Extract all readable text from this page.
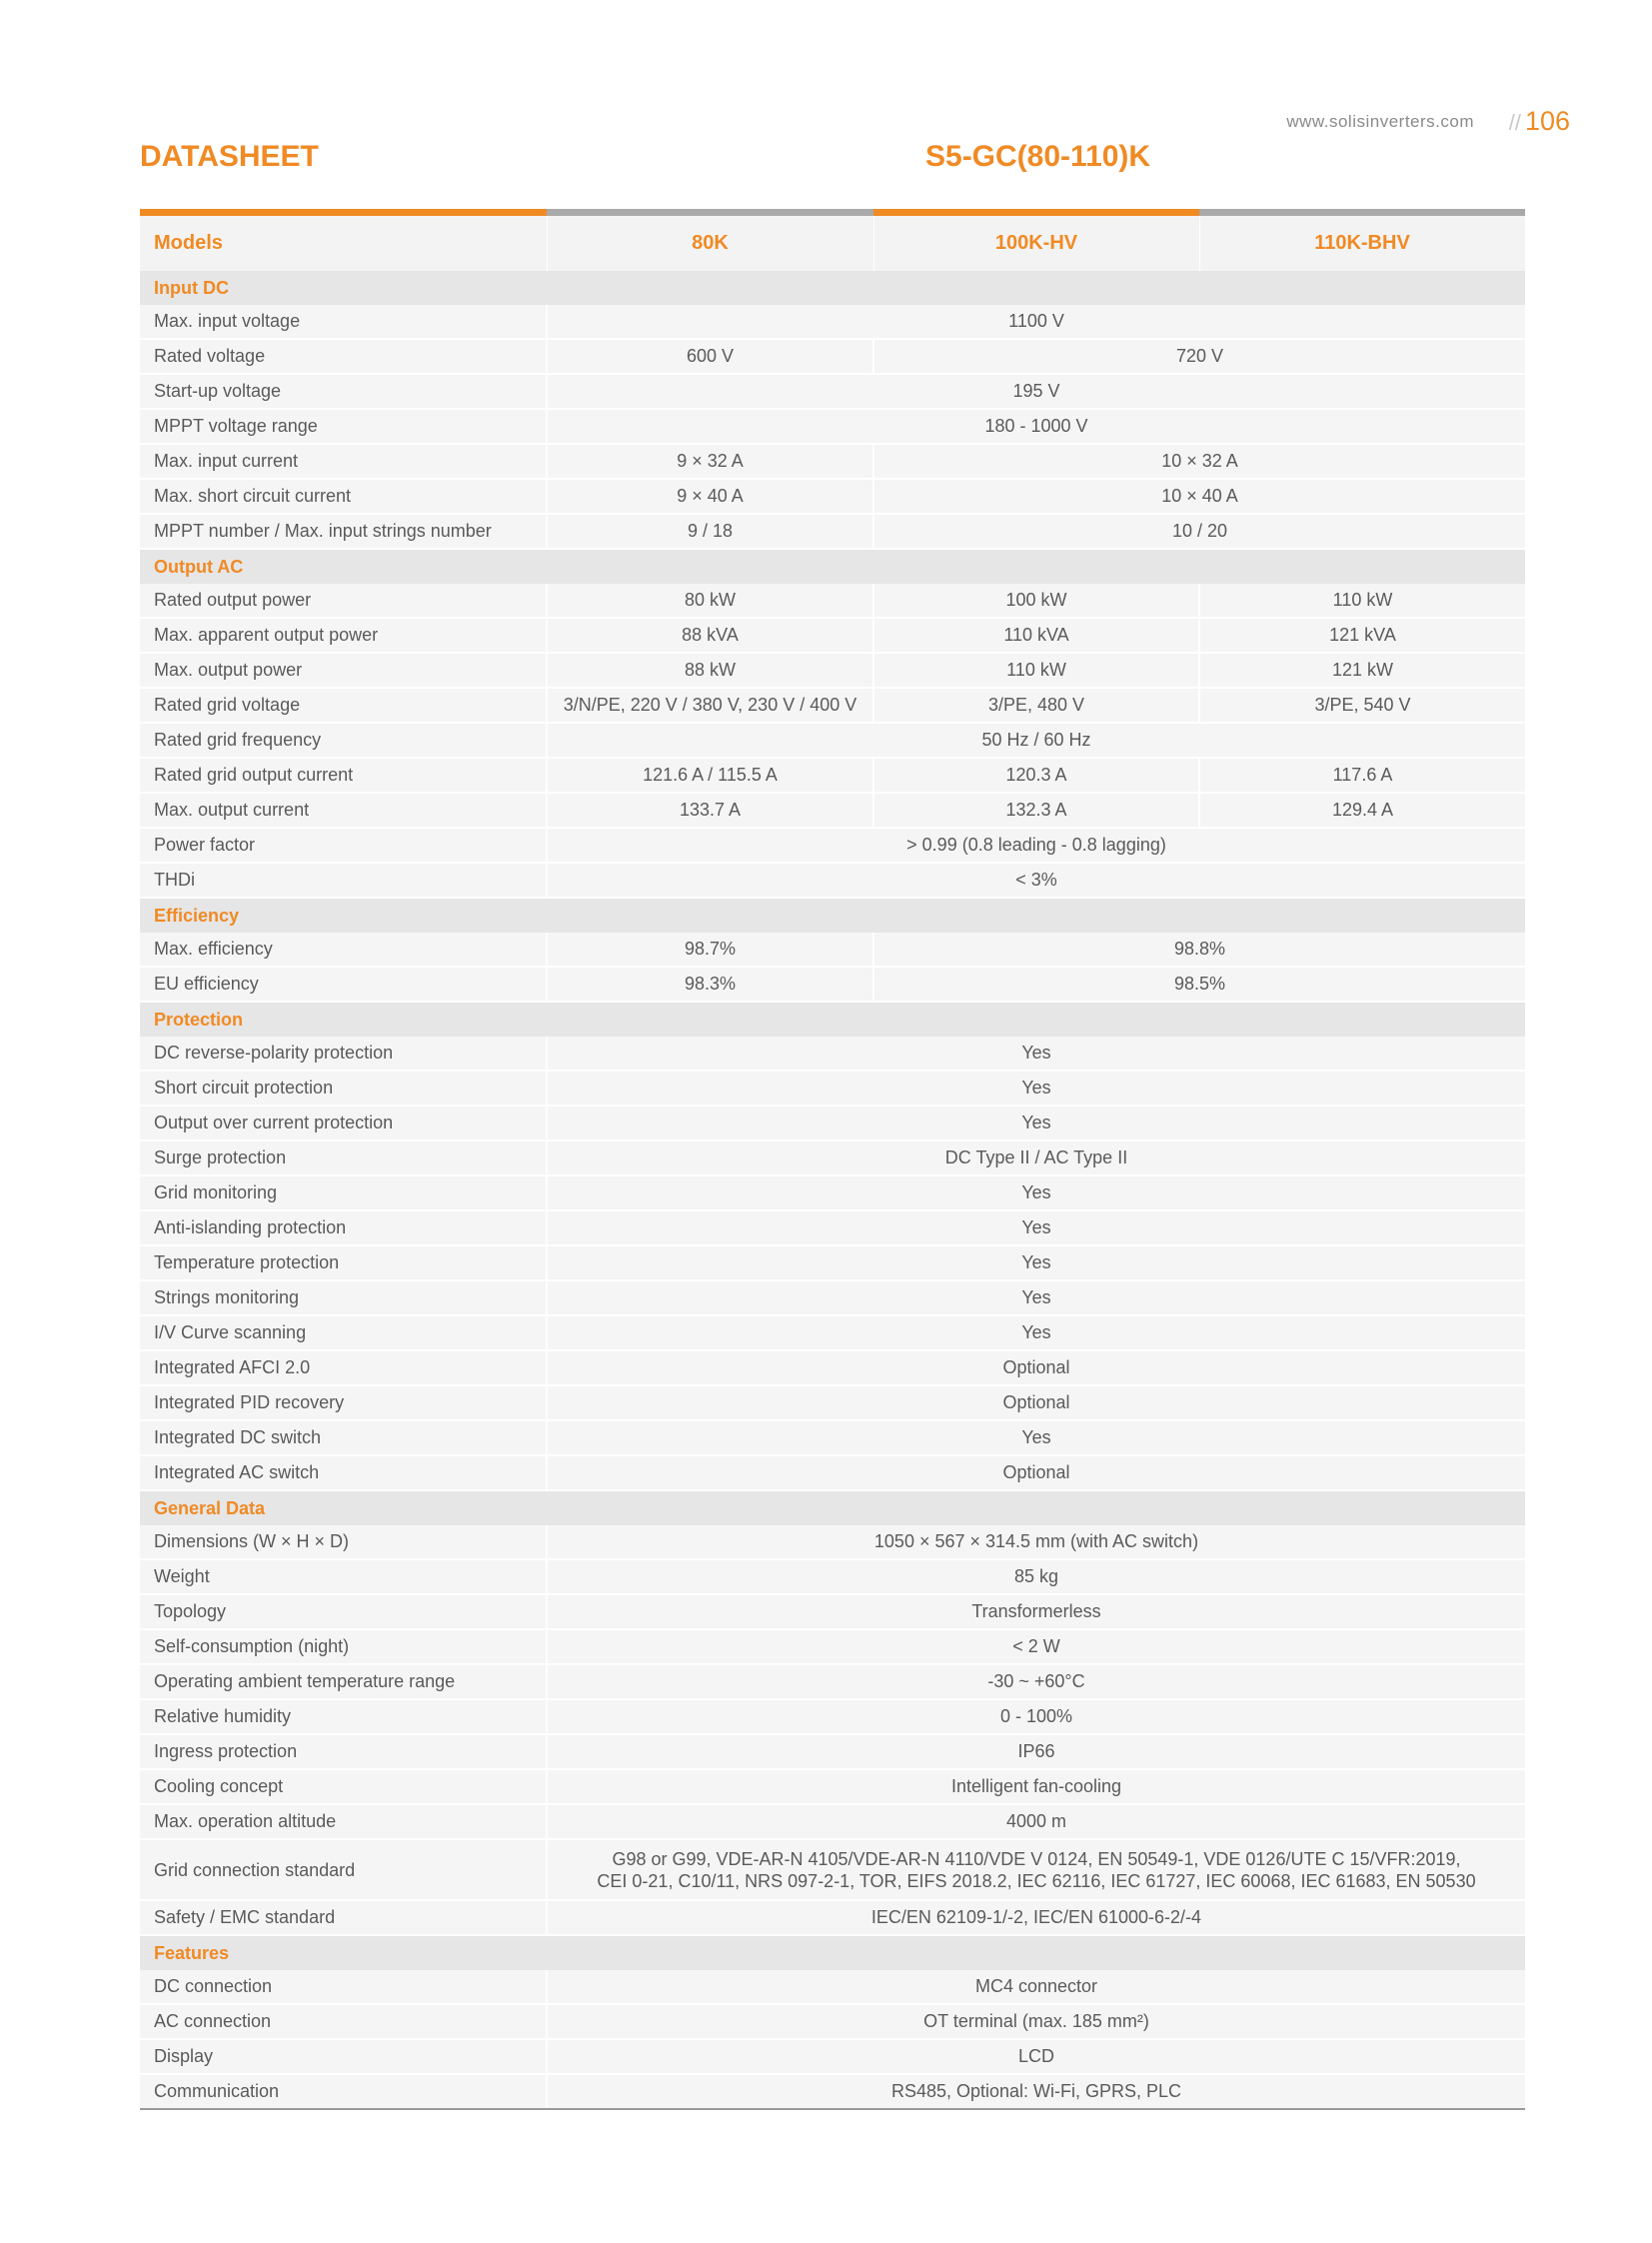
www.solisinverters.com // 106
DATASHEET	S5-GC(80-110)K
Models	80K	100K-HV	110K-BHV
Input DC			
Max. input voltage	1100 V		
Rated voltage	600 V	720 V	
Start-up voltage	195 V		
MPPT voltage range	180 - 1000 V		
Max. input current	9 × 32 A	10 × 32 A	
Max. short circuit current	9 × 40 A	10 × 40 A	
MPPT number / Max. input strings number	9 / 18	10 / 20	
Output AC			
Rated output power	80 kW	100 kW	110 kW
Max. apparent output power	88 kVA	110 kVA	121 kVA
Max. output power	88 kW	110 kW	121 kW
Rated grid voltage	3/N/PE, 220 V / 380 V, 230 V / 400 V	3/PE, 480 V	3/PE, 540 V
Rated grid frequency	50 Hz / 60 Hz		
Rated grid output current	121.6 A / 115.5 A	120.3 A	117.6 A
Max. output current	133.7 A	132.3 A	129.4 A
Power factor	> 0.99 (0.8 leading - 0.8 lagging)		
THDi	< 3%		
Efficiency			
Max. efficiency	98.7%	98.8%	
EU efficiency	98.3%	98.5%	
Protection			
DC reverse-polarity protection	Yes		
Short circuit protection	Yes		
Output over current protection	Yes		
Surge protection	DC Type II / AC Type II		
Grid monitoring	Yes		
Anti-islanding protection	Yes		
Temperature protection	Yes		
Strings monitoring	Yes		
I/V Curve scanning	Yes		
Integrated AFCI 2.0	Optional		
Integrated PID recovery	Optional		
Integrated DC switch	Yes		
Integrated AC switch	Optional		
General Data			
Dimensions (W × H × D)	1050 × 567 × 314.5 mm (with AC switch)		
Weight	85 kg		
Topology	Transformerless		
Self-consumption (night)	< 2 W		
Operating ambient temperature range	-30 ~ +60°C		
Relative humidity	0 - 100%		
Ingress protection	IP66		
Cooling concept	Intelligent fan-cooling		
Max. operation altitude	4000 m		
Grid connection standard	G98 or G99, VDE-AR-N 4105/VDE-AR-N 4110/VDE V 0124, EN 50549-1, VDE 0126/UTE C 15/VFR:2019,
CEI 0-21, C10/11, NRS 097-2-1, TOR, EIFS 2018.2, IEC 62116, IEC 61727, IEC 60068, IEC 61683, EN 50530		

Safety / EMC standard	IEC/EN 62109-1/-2, IEC/EN 61000-6-2/-4		
Features			
DC connection	MC4 connector		
AC connection	OT terminal (max. 185 mm²)		
Display	LCD		
Communication	RS485, Optional: Wi-Fi, GPRS, PLC		
